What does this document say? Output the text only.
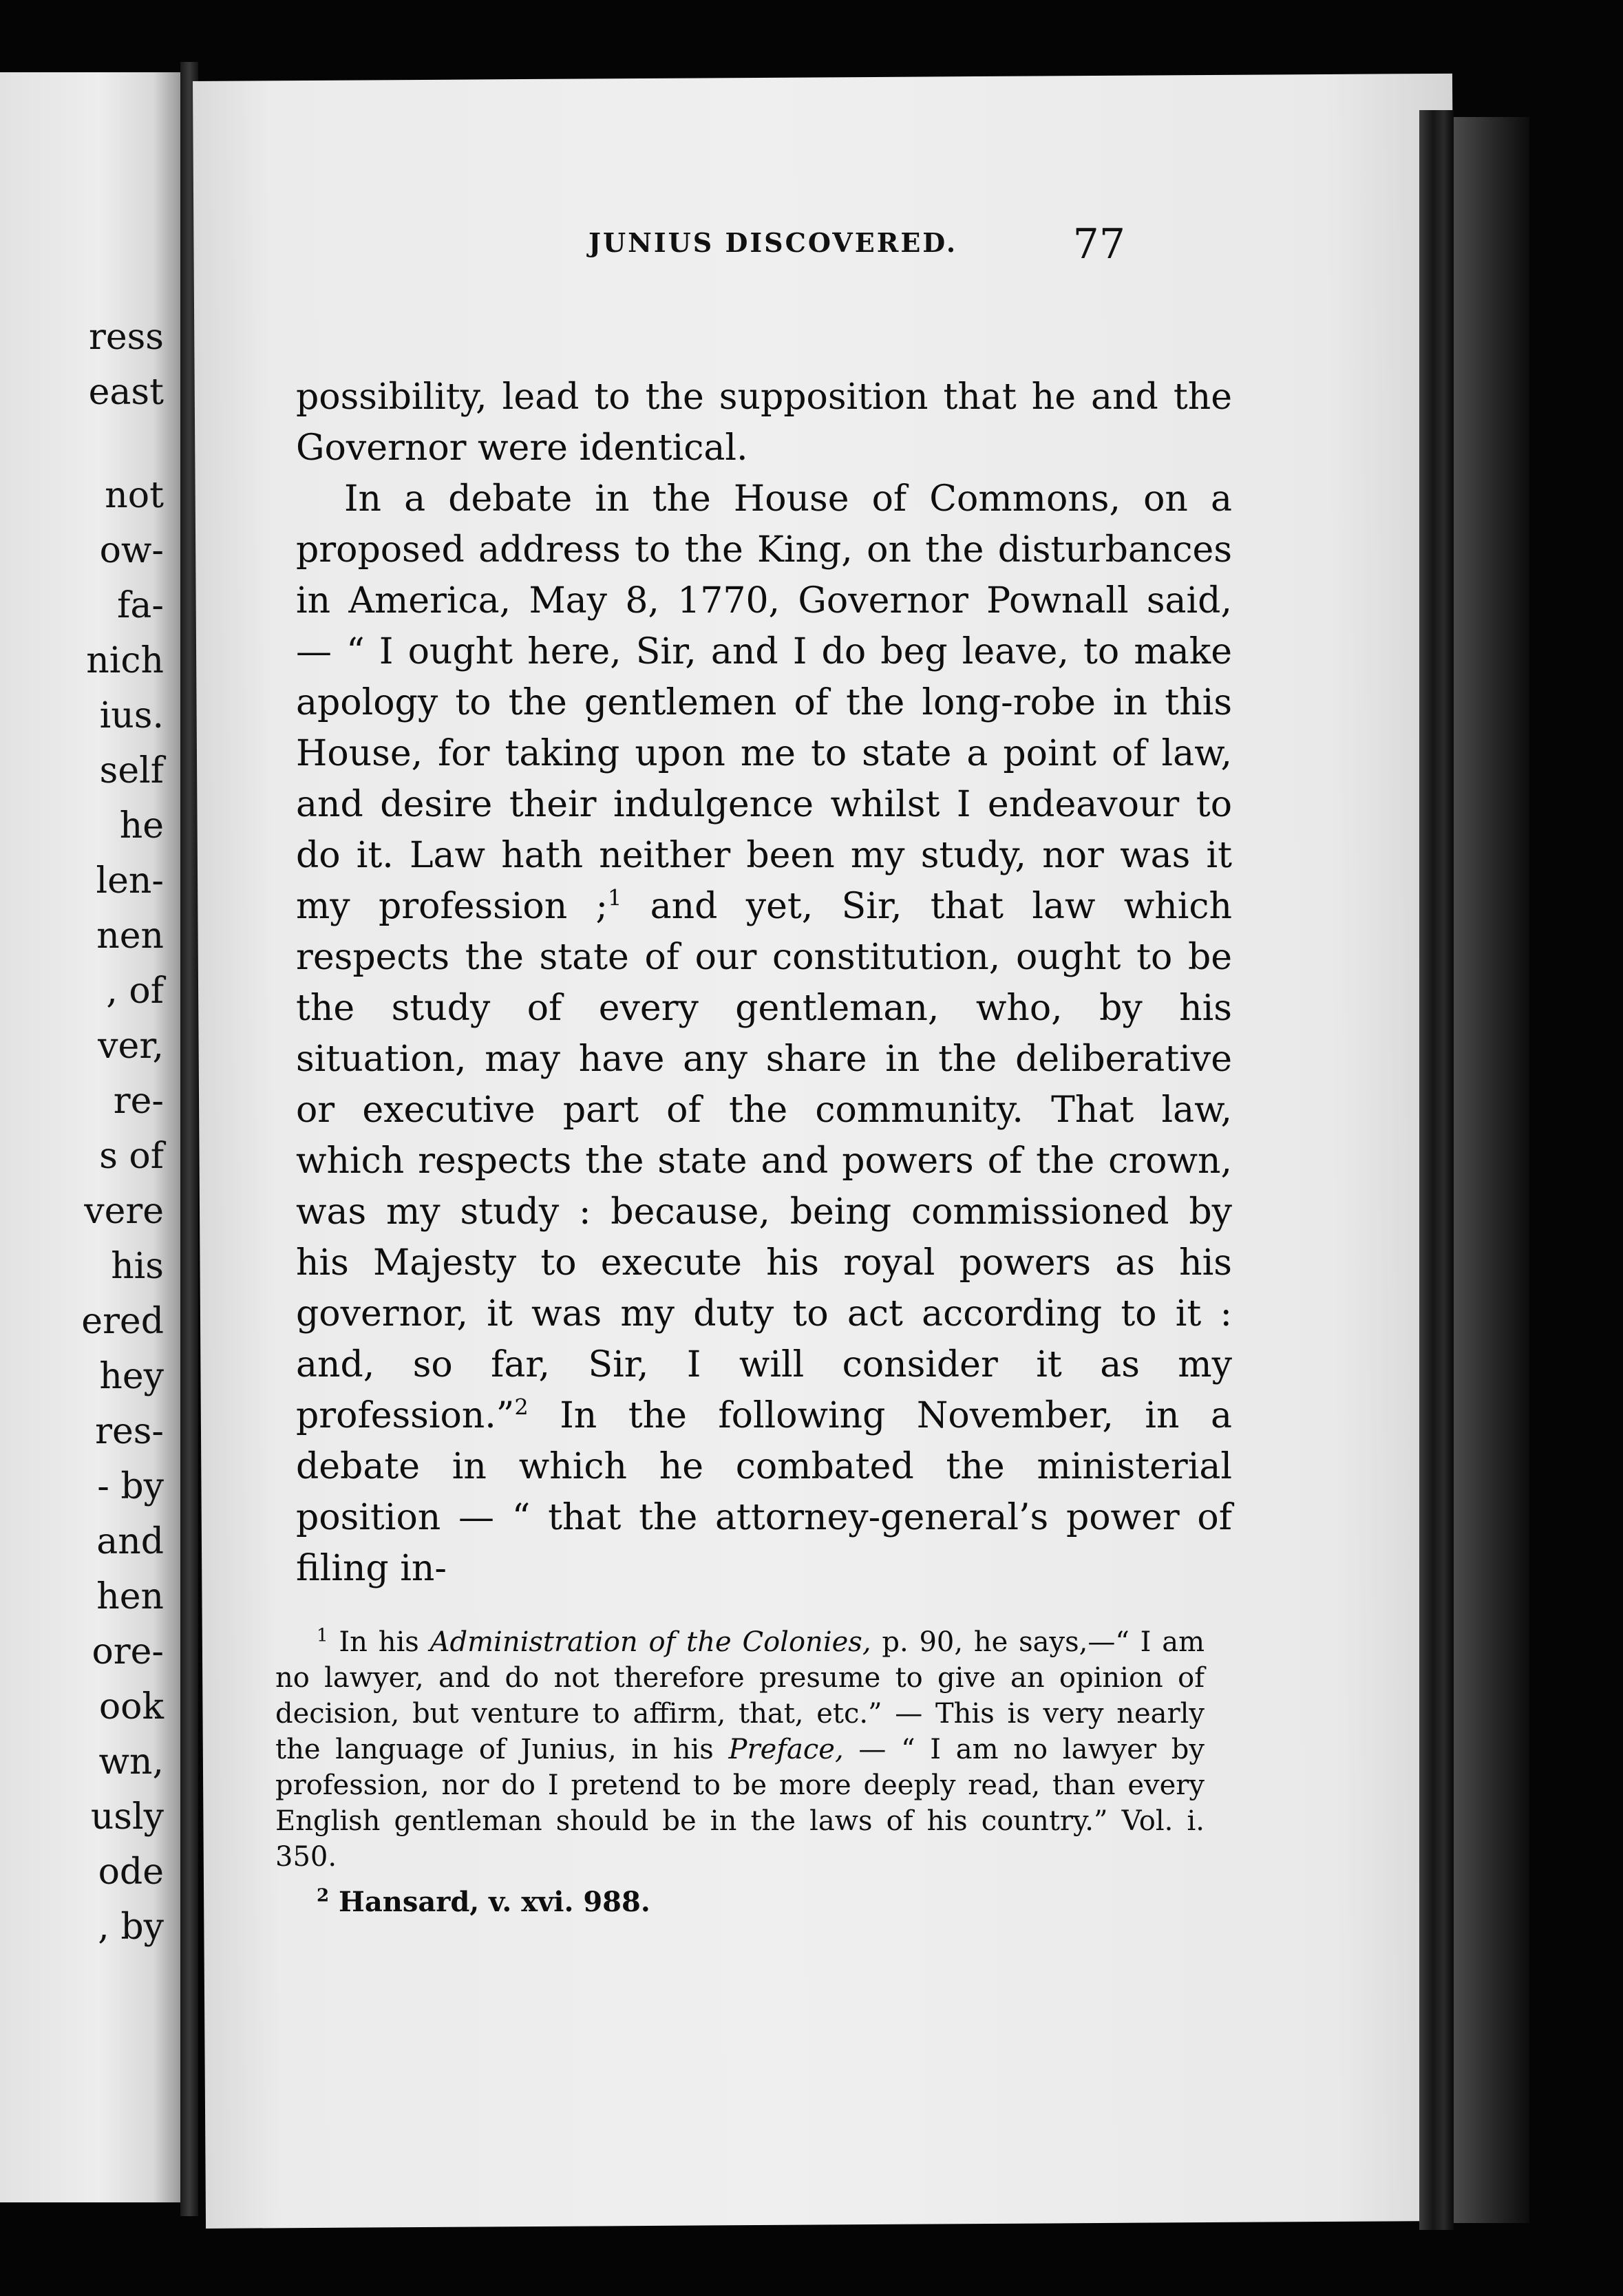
ress
east
not
ow-
fa-
nich
ius.
self
he
len-
nen
, of
ver,
re-
s of
vere
his
ered
hey
res-
- by
and
hen
ore-
ook
wn,
usly
ode
, by
JUNIUS DISCOVERED.	77

possibility, lead to the supposition that he and the Governor were identical.

In a debate in the House of Commons, on a proposed address to the King, on the disturbances in America, May 8, 1770, Governor Pownall said, — “ I ought here, Sir, and I do beg leave, to make apology to the gentlemen of the long-robe in this House, for taking upon me to state a point of law, and desire their indulgence whilst I endeavour to do it. Law hath neither been my study, nor was it my profession ;$^1$ and yet, Sir, that law which respects the state of our constitution, ought to be the study of every gentleman, who, by his situation, may have any share in the deliberative or executive part of the community. That law, which respects the state and powers of the crown, was my study : because, being commissioned by his Majesty to execute his royal powers as his governor, it was my duty to act according to it : and, so far, Sir, I will consider it as my profession.”$^2$ In the following November, in a debate in which he combated the ministerial position — “ that the attorney-general’s power of filing in-

$^1$ In his Administration of the Colonies, p. 90, he says,—“ I am no lawyer, and do not therefore presume to give an opinion of decision, but venture to affirm, that, etc.” — This is very nearly the language of Junius, in his Preface, — “ I am no lawyer by profession, nor do I pretend to be more deeply read, than every English gentleman should be in the laws of his country.” Vol. i. 350.

$^2$ Hansard, v. xvi. 988.
